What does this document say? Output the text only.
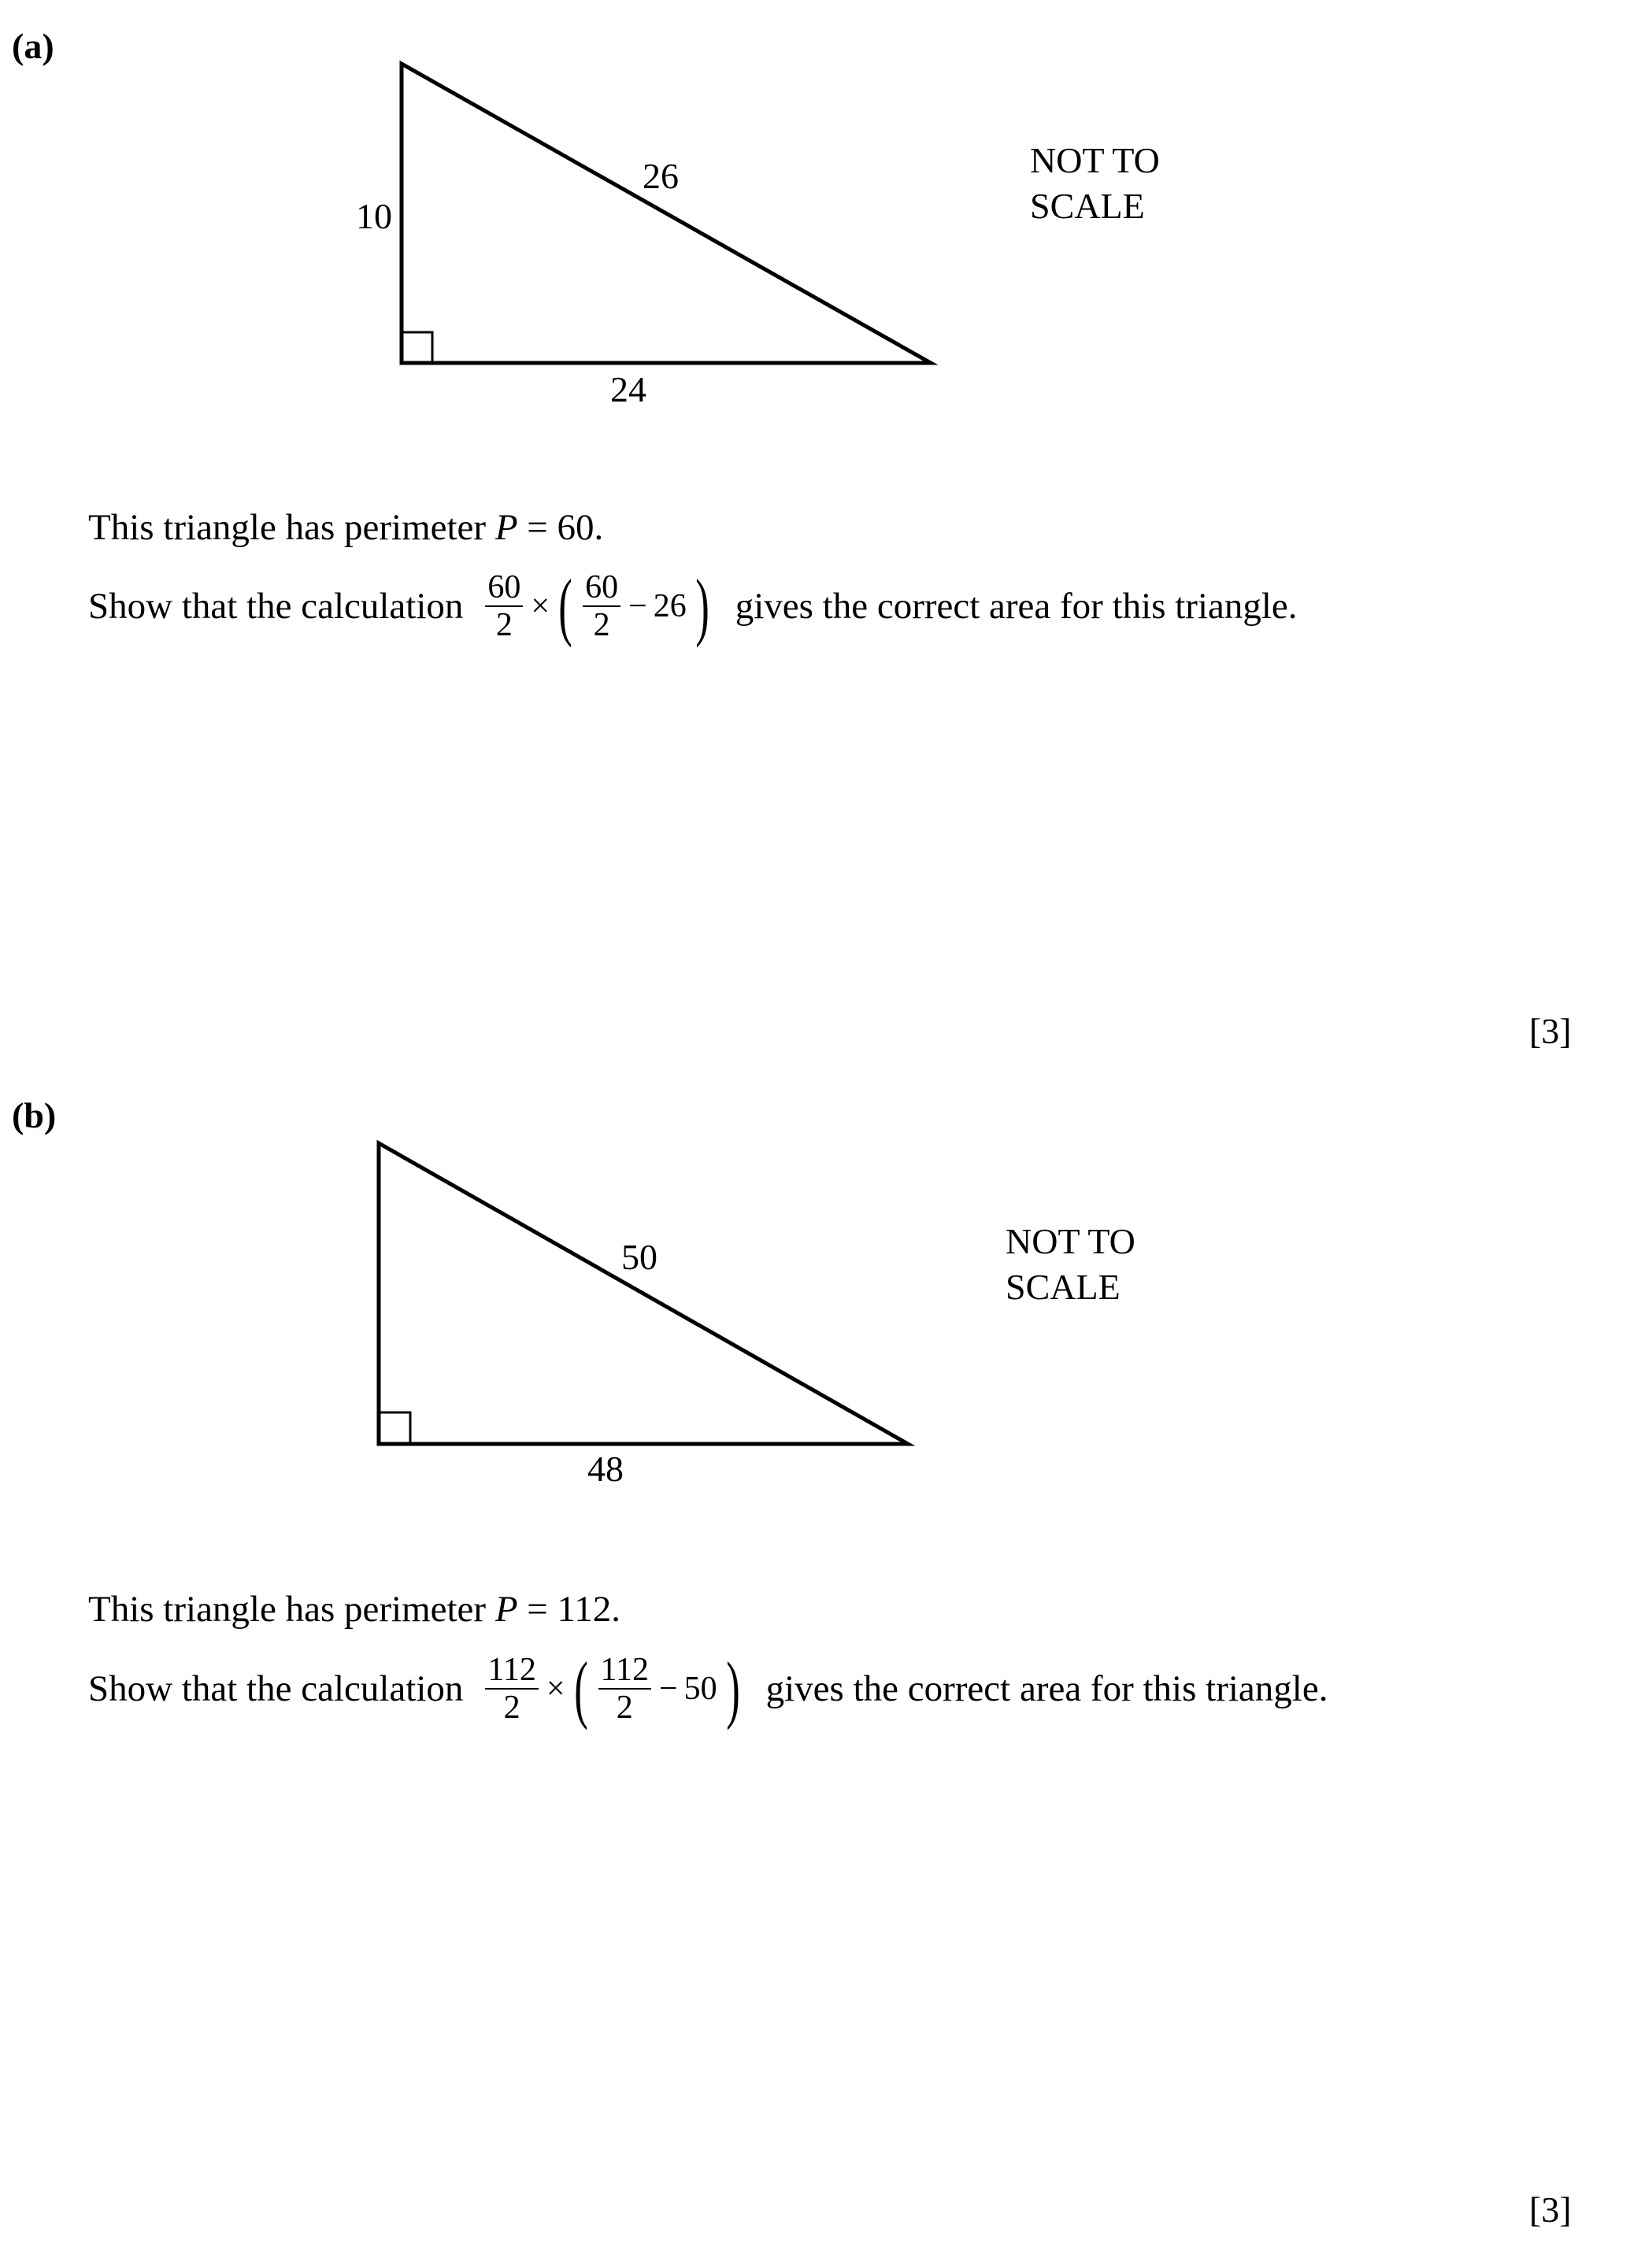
(a)
10
26
24
NOT TO
SCALE
This triangle has perimeter P = 60.
Show that the calculation $\frac{60}{2}$ × ( $\frac{60}{2} - 26$ ) gives the correct area for this triangle.
[3]
(b)
50
48
NOT TO
SCALE
This triangle has perimeter P = 112.
Show that the calculation $\frac{112}{2}$ × ( $\frac{112}{2} - 50$ ) gives the correct area for this triangle.
[3]
